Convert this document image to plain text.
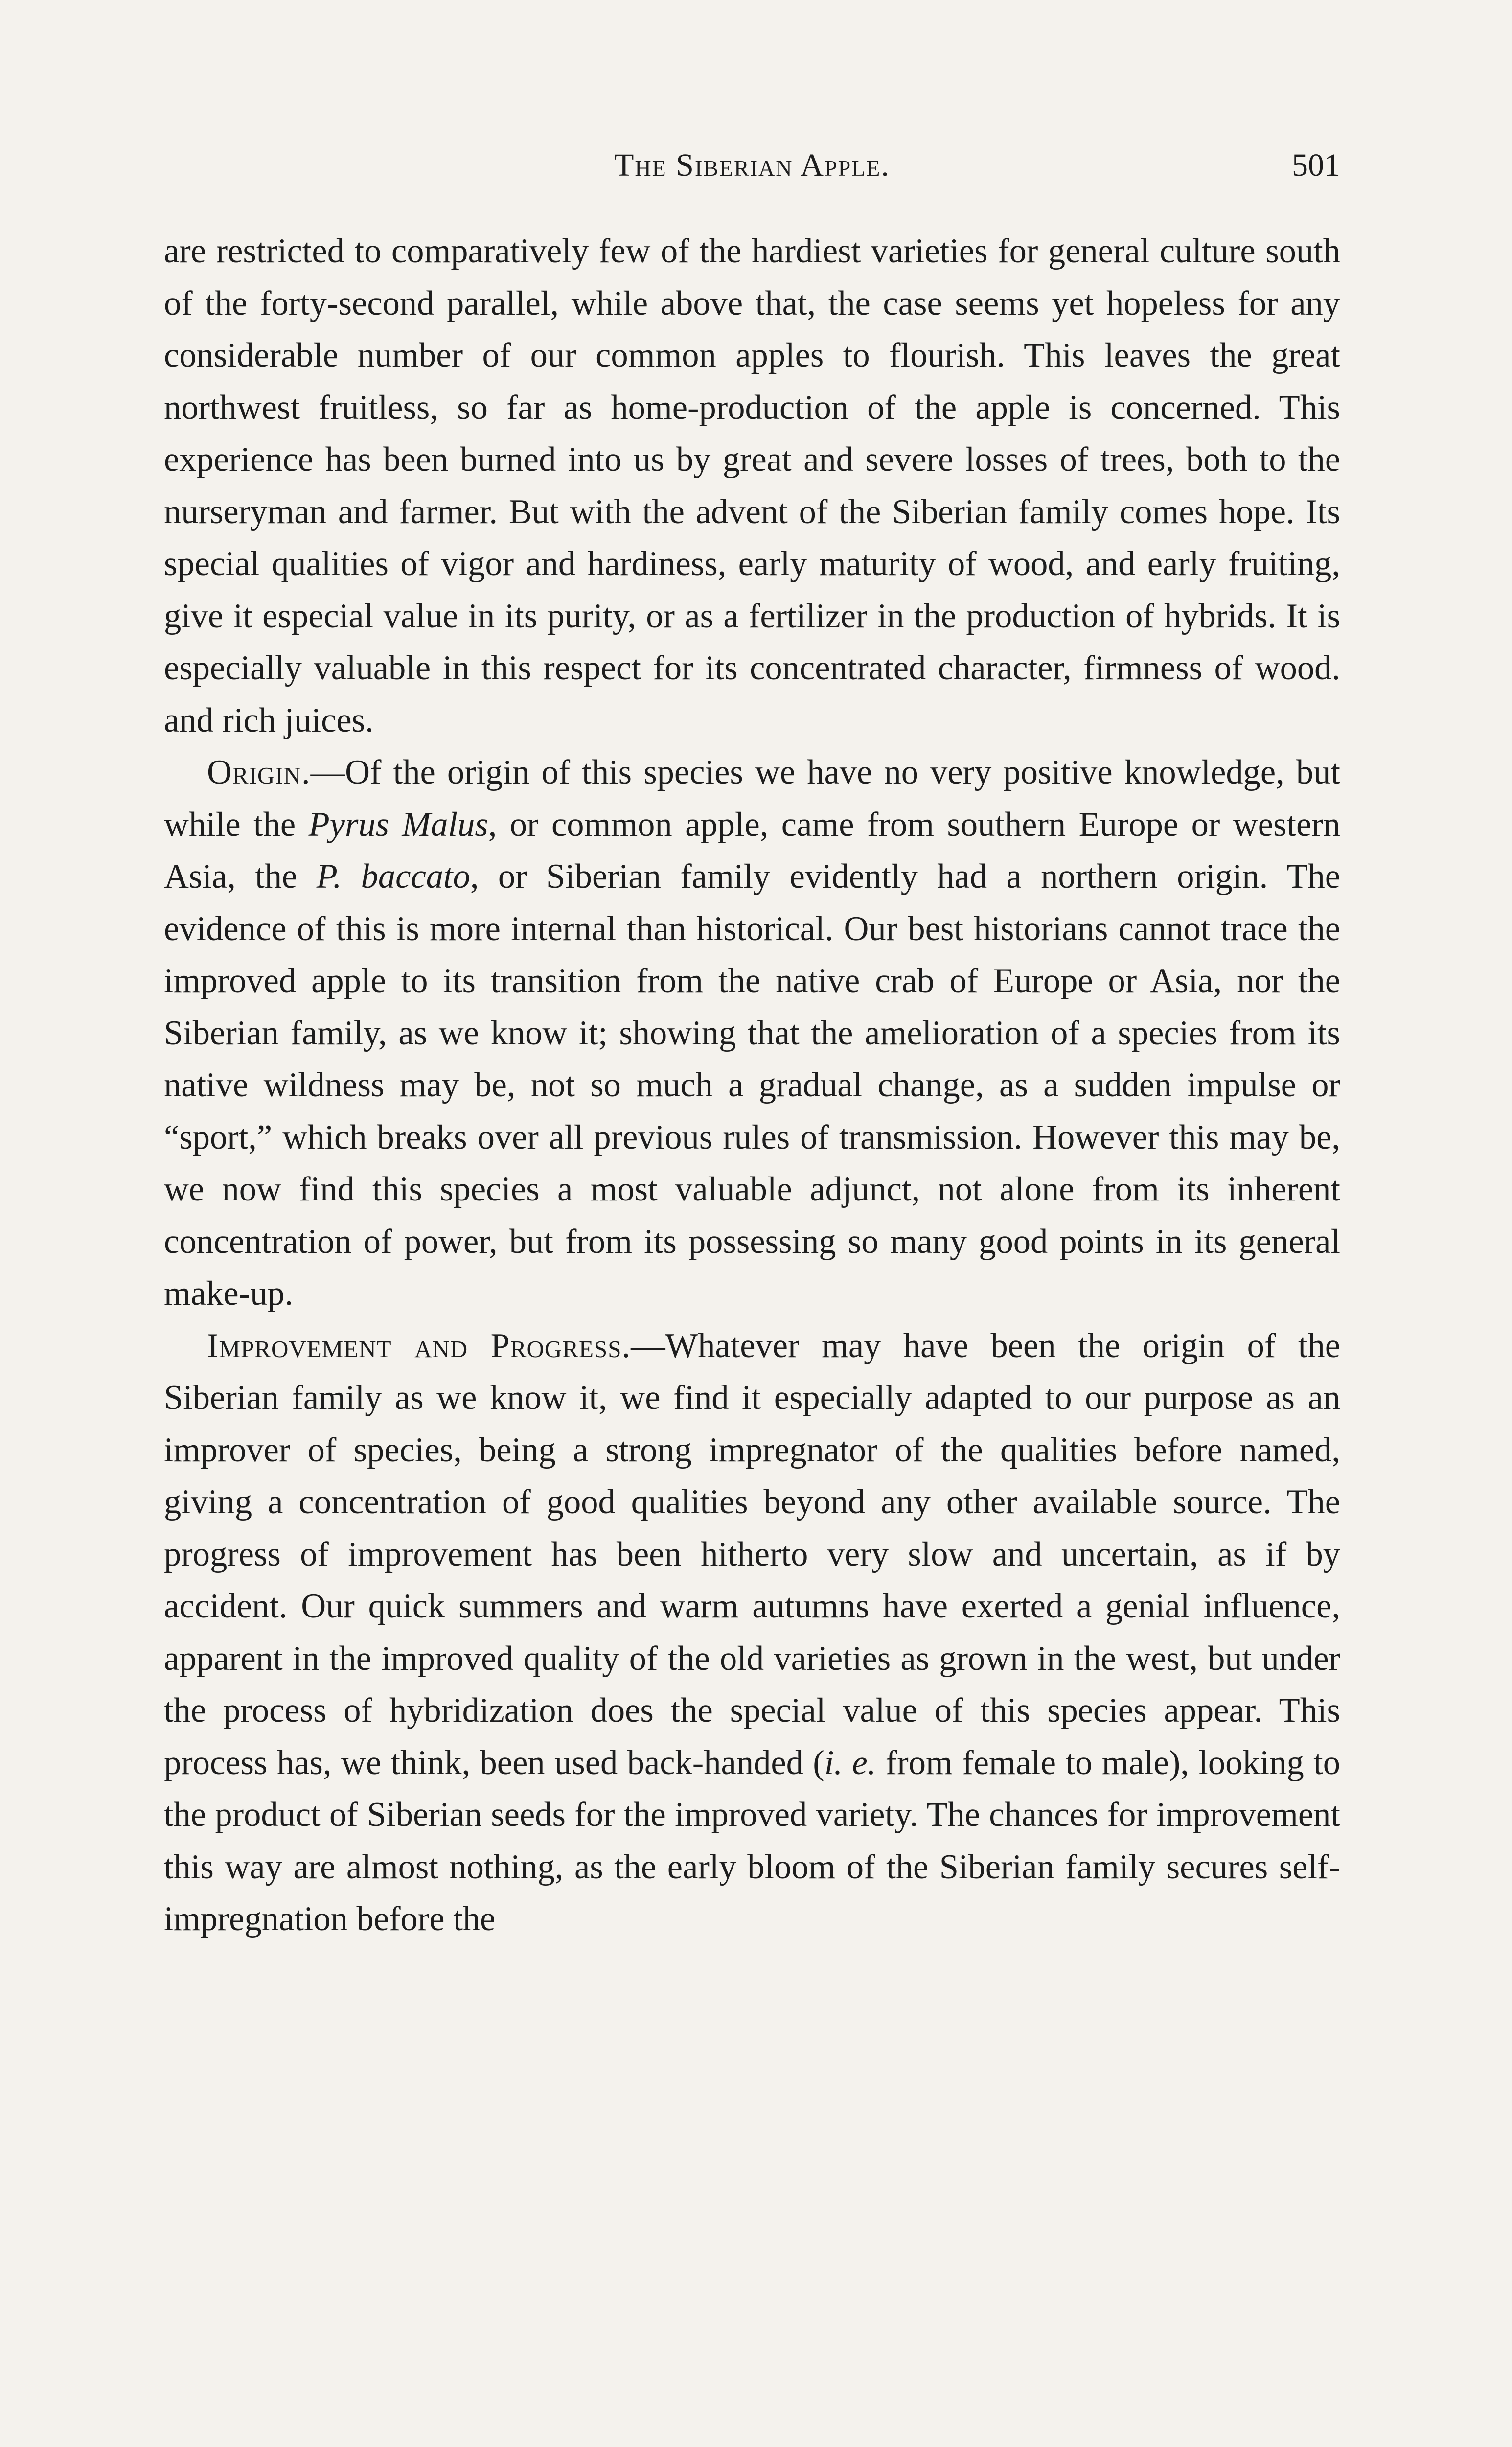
The Siberian Apple.	501

are restricted to comparatively few of the hardiest varieties for general culture south of the forty-second parallel, while above that, the case seems yet hopeless for any considerable number of our common apples to flourish. This leaves the great northwest fruitless, so far as home-production of the apple is concerned. This experience has been burned into us by great and severe losses of trees, both to the nurseryman and farmer. But with the advent of the Siberian family comes hope. Its special qualities of vigor and hardiness, early maturity of wood, and early fruiting, give it especial value in its purity, or as a fertilizer in the production of hybrids. It is especially valuable in this respect for its concentrated character, firmness of wood. and rich juices.

Origin.—Of the origin of this species we have no very positive knowledge, but while the Pyrus Malus, or common apple, came from southern Europe or western Asia, the P. baccato, or Siberian family evidently had a northern origin. The evidence of this is more internal than historical. Our best historians cannot trace the improved apple to its transition from the native crab of Europe or Asia, nor the Siberian family, as we know it; showing that the amelioration of a species from its native wildness may be, not so much a gradual change, as a sudden impulse or “sport,” which breaks over all previous rules of transmission. However this may be, we now find this species a most valuable adjunct, not alone from its inherent concentration of power, but from its possessing so many good points in its general make-up.

Improvement and Progress.—Whatever may have been the origin of the Siberian family as we know it, we find it especially adapted to our purpose as an improver of species, being a strong impregnator of the qualities before named, giving a concentration of good qualities beyond any other available source. The progress of improvement has been hitherto very slow and uncertain, as if by accident. Our quick summers and warm autumns have exerted a genial influence, apparent in the improved quality of the old varieties as grown in the west, but under the process of hybridization does the special value of this species appear. This process has, we think, been used back-handed (i. e. from female to male), looking to the product of Siberian seeds for the improved variety. The chances for improvement this way are almost nothing, as the early bloom of the Siberian family secures self-impregnation before the
